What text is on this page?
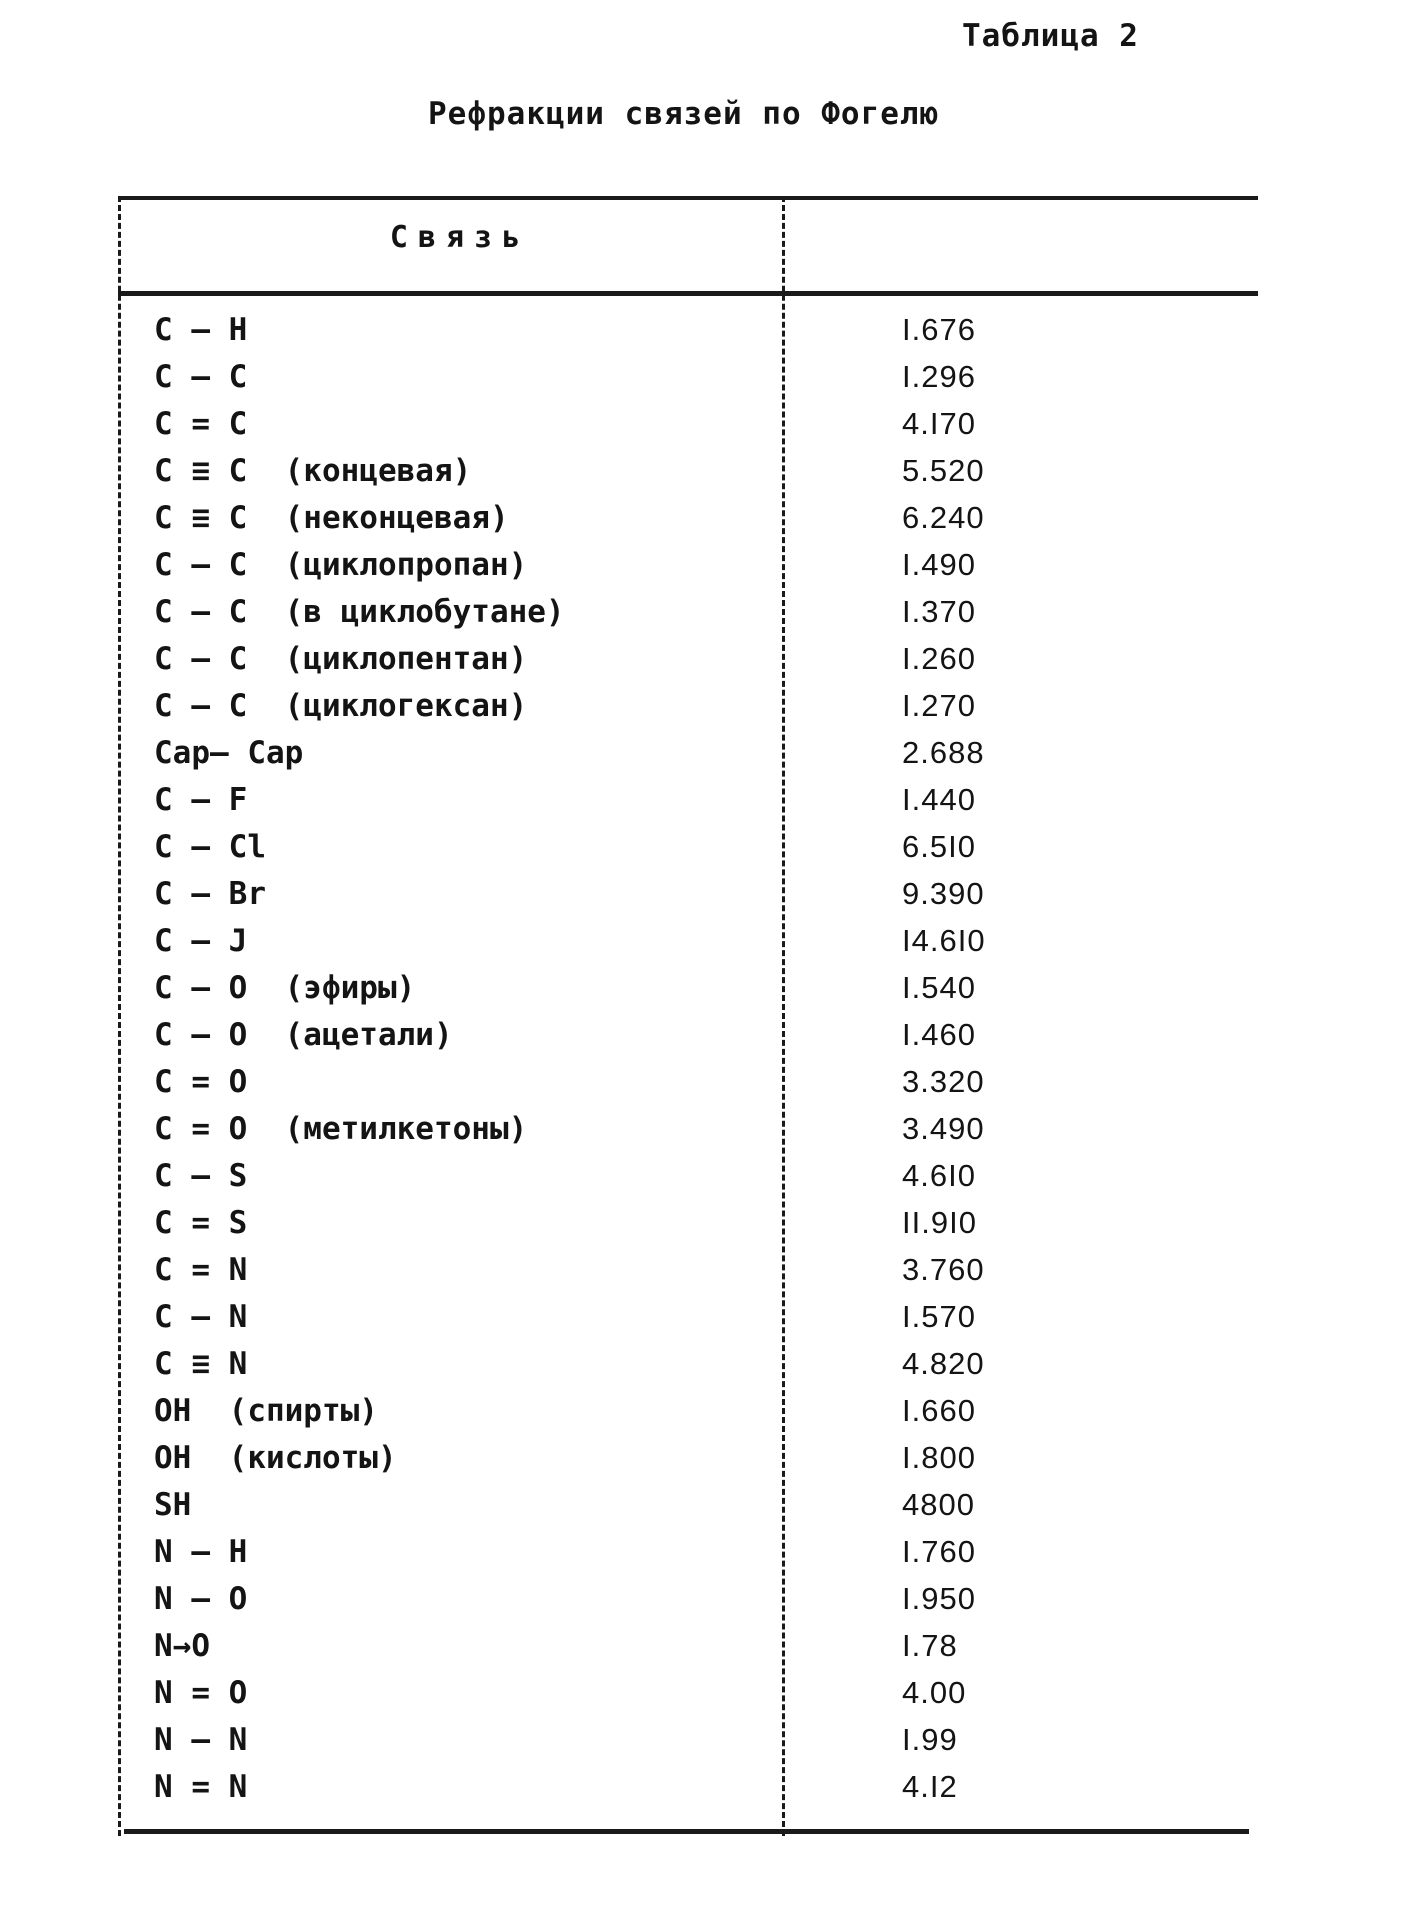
Таблица 2
Рефракции связей по Фогелю
Связь
C – H	I.676
C – C	I.296
C = C	4.I70
C ≡ C  (концевая)	5.520
C ≡ C  (неконцевая)	6.240
C – C  (циклопропан)	I.490
C – C  (в циклобутане)	I.370
C – C  (циклопентан)	I.260
C – C  (циклогексан)	I.270
Cар– Cар	2.688
C – F	I.440
C – Cl	6.5I0
C – Br	9.390
C – J	I4.6I0
C – O  (эфиры)	I.540
C – O  (ацетали)	I.460
C = O	3.320
C = O  (метилкетоны)	3.490
C – S	4.6I0
C = S	II.9I0
C = N	3.760
C – N	I.570
C ≡ N	4.820
OH  (спирты)	I.660
OH  (кислоты)	I.800
SH	4800
N – H	I.760
N – O	I.950
N→O	I.78
N = O	4.00
N – N	I.99
N = N	4.I2
